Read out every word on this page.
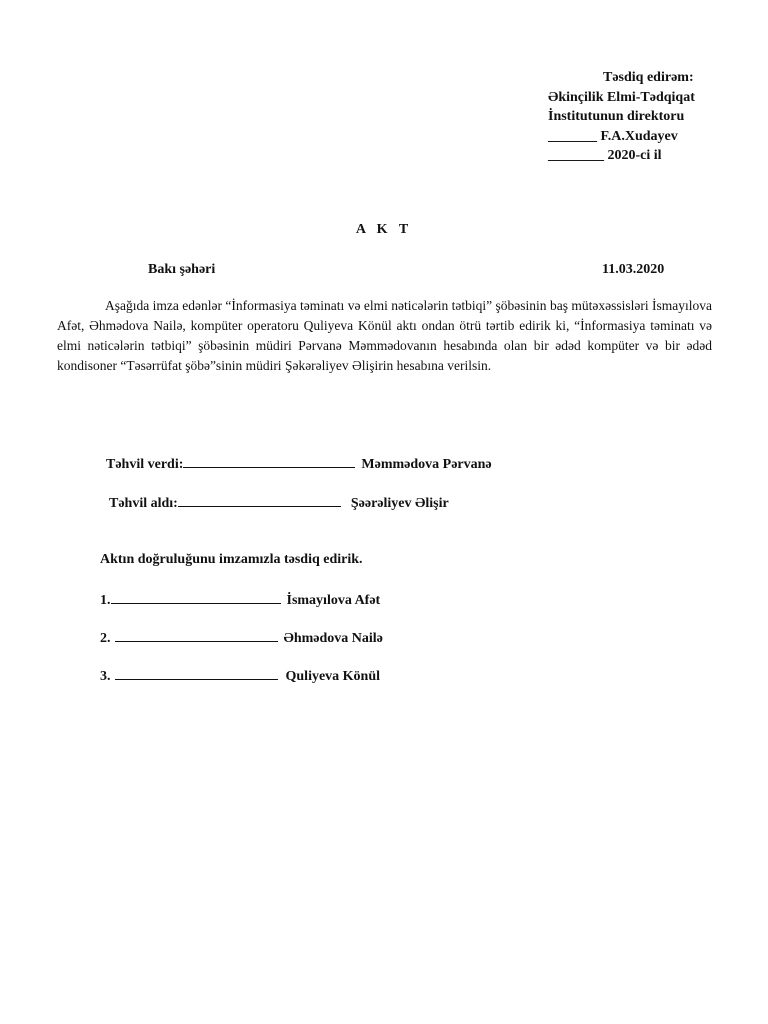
Təsdiq edirəm:
Əkinçilik Elmi-Tədqiqat
İnstitutunun direktoru
_______ F.A.Xudayev
________ 2020-ci il
A K T
Bakı şəhəri	11.03.2020
Aşağıda imza edənlər “İnformasiya təminatı və elmi nəticələrin tətbiqi” şöbəsinin baş mütəxəssisləri İsmayılova Afət, Əhmədova Nailə, kompüter operatoru Quliyeva Könül aktı ondan ötrü tərtib edirik ki, “İnformasiya təminatı və elmi nəticələrin tətbiqi” şöbəsinin müdiri Pərvanə Məmmədovanın hesabında olan bir ədəd kompüter və bir ədəd kondisoner “Təsərrüfat şöbə”sinin müdiri Şəkərəliyev Əlişirin hesabına verilsin.
Təhvil verdi:	Məmmədova Pərvanə
Təhvil aldı:	Şəərəliyev Əlişir
Aktın doğruluğunu imzamızla təsdiq edirik.
1.	İsmayılova Afət
2.	Əhmədova Nailə
3.	Quliyeva Könül
